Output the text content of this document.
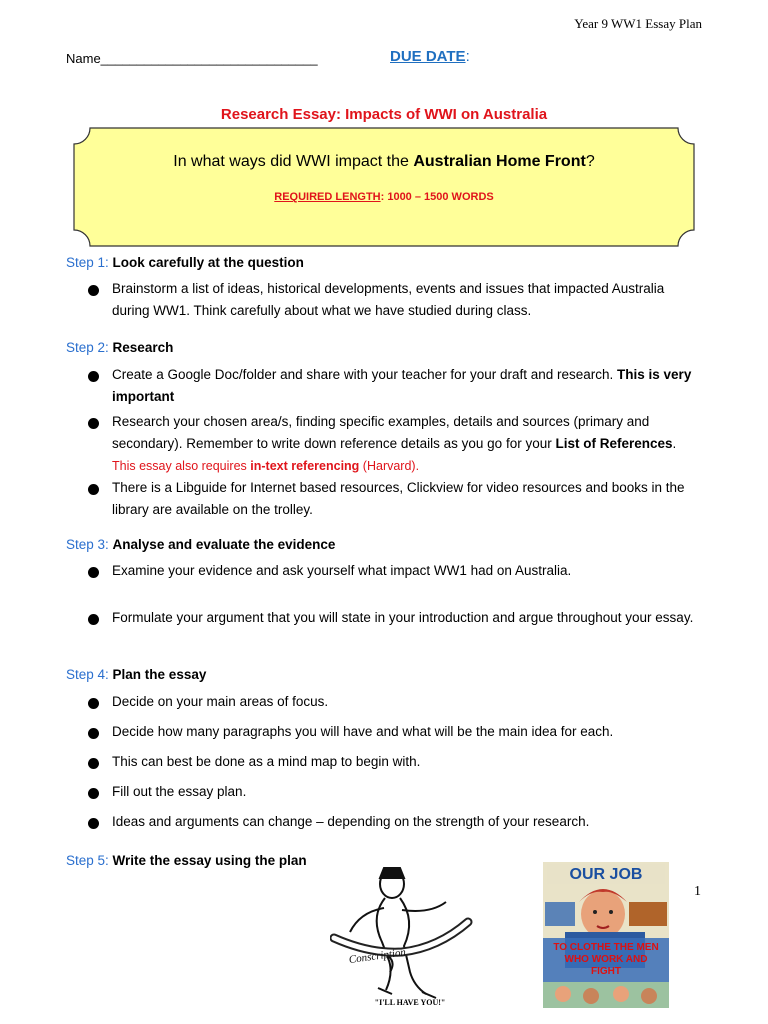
Year 9 WW1 Essay Plan
Name______________________________	DUE DATE:
Research Essay: Impacts of WWI on Australia
In what ways did WWI impact the Australian Home Front?
REQUIRED LENGTH: 1000 – 1500 WORDS
Step 1: Look carefully at the question
Brainstorm a list of ideas, historical developments, events and issues that impacted Australia during WW1. Think carefully about what we have studied during class.
Step 2: Research
Create a Google Doc/folder and share with your teacher for your draft and research. This is very important
Research your chosen area/s, finding specific examples, details and sources (primary and secondary). Remember to write down reference details as you go for your List of References.
This essay also requires in-text referencing (Harvard).
There is a Libguide for Internet based resources, Clickview for video resources and books in the library are available on the trolley.
Step 3: Analyse and evaluate the evidence
Examine your evidence and ask yourself what impact WW1 had on Australia.
Formulate your argument that you will state in your introduction and argue throughout your essay.
Step 4: Plan the essay
Decide on your main areas of focus.
Decide how many paragraphs you will have and what will be the main idea for each.
This can best be done as a mind map to begin with.
Fill out the essay plan.
Ideas and arguments can change – depending on the strength of your research.
Step 5: Write the essay using the plan
Conscription
"I'LL HAVE YOU!"
OUR JOB
TO CLOTHE THE MEN
WHO WORK AND
FIGHT
1
